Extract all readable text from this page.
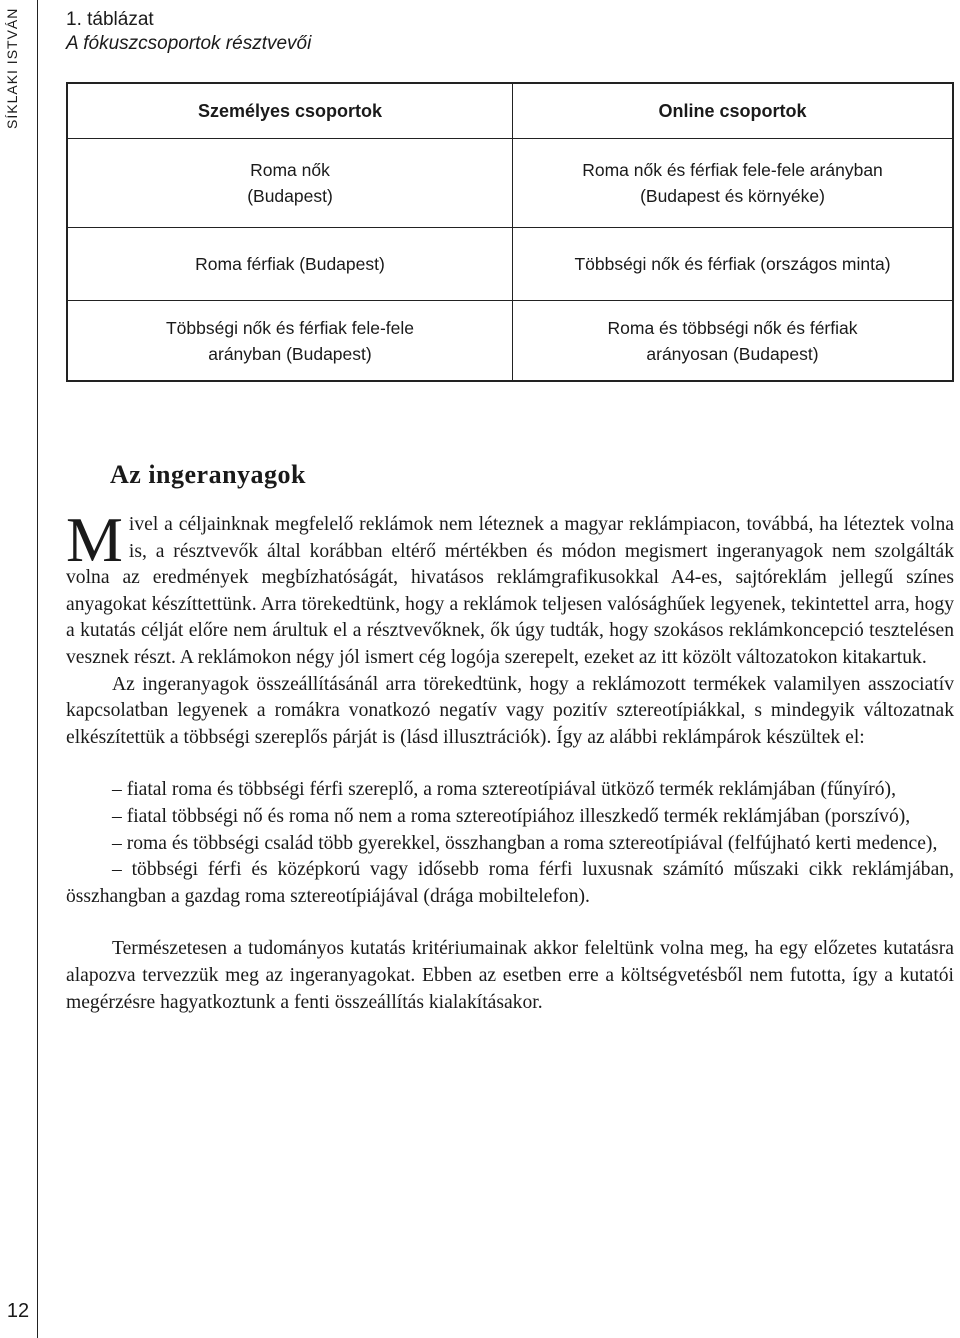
SÍKLAKI ISTVÁN
12
1. táblázat
A fókuszcsoportok résztvevői
Személyes csoportok	Online csoportok
Roma nők
(Budapest)
Roma nők és férfiak fele-fele arányban
(Budapest és környéke)
Roma férfiak (Budapest)	Többségi nők és férfiak (országos minta)
Többségi nők és férfiak fele-fele
arányban (Budapest)
Roma és többségi nők és férfiak
arányosan (Budapest)
Az ingeranyagok

Mivel a céljainknak megfelelő reklámok nem léteznek a magyar reklámpiacon, továbbá, ha léteztek volna is, a résztvevők által korábban eltérő mértékben és módon megismert ingeranyagok nem szolgálták volna az eredmények megbízhatóságát, hivatásos reklámgrafikusokkal A4-es, sajtóreklám jellegű színes anyagokat készíttettünk. Arra törekedtünk, hogy a reklámok teljesen valósághűek legyenek, tekintettel arra, hogy a kutatás célját előre nem árultuk el a résztvevőknek, ők úgy tudták, hogy szokásos reklámkoncepció tesztelésen vesznek részt. A reklámokon négy jól ismert cég logója szerepelt, ezeket az itt közölt változatokon kitakartuk.

Az ingeranyagok összeállításánál arra törekedtünk, hogy a reklámozott termékek valamilyen asszociatív kapcsolatban legyenek a romákra vonatkozó negatív vagy pozitív sztereotípiákkal, s mindegyik változatnak elkészítettük a többségi szereplős párját is (lásd illusztrációk). Így az alábbi reklámpárok készültek el:

– fiatal roma és többségi férfi szereplő, a roma sztereotípiával ütköző termék reklámjában (fűnyíró),

– fiatal többségi nő és roma nő nem a roma sztereotípiához illeszkedő termék reklámjában (porszívó),

– roma és többségi család több gyerekkel, összhangban a roma sztereotípiával (felfújható kerti medence),

– többségi férfi és középkorú vagy idősebb roma férfi luxusnak számító műszaki cikk reklámjában, összhangban a gazdag roma sztereotípiájával (drága mobiltelefon).

Természetesen a tudományos kutatás kritériumainak akkor feleltünk volna meg, ha egy előzetes kutatásra alapozva tervezzük meg az ingeranyagokat. Ebben az esetben erre a költségvetésből nem futotta, így a kutatói megérzésre hagyatkoztunk a fenti összeállítás kialakításakor.
